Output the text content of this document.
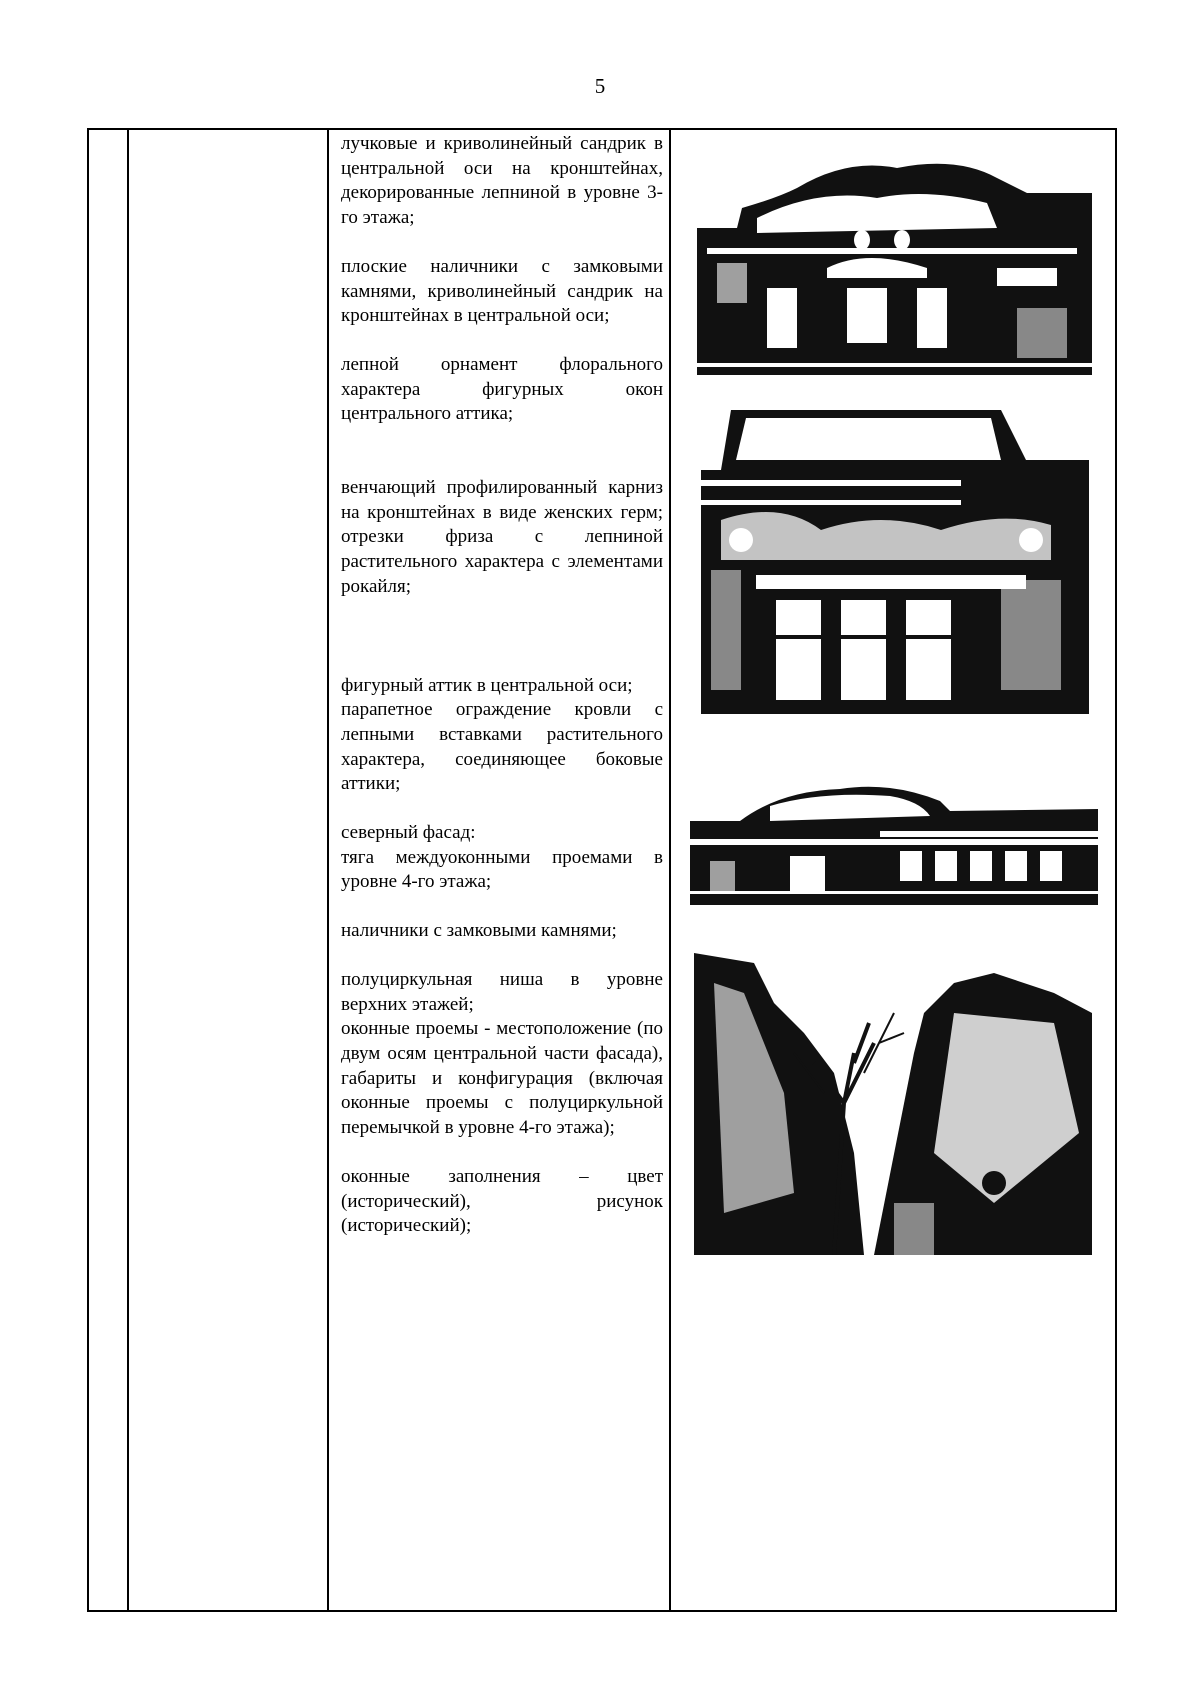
5

лучковые и криволинейный сандрик в центральной оси на кронштейнах, декорированные лепниной в уровне 3-го этажа;

плоские наличники с замковыми камнями, криволинейный сандрик на кронштейнах в центральной оси;

лепной орнамент флорального характера фигурных окон центрального аттика;

венчающий профилированный карниз на кронштейнах в виде женских герм; отрезки фриза с лепниной растительного характера с элементами рокайля;

фигурный аттик в центральной оси;

парапетное ограждение кровли с лепными вставками растительного характера, соединяющее боковые аттики;

северный фасад:

тяга междуоконными проемами в уровне 4-го этажа;

наличники с замковыми камнями;

полуциркульная ниша в уровне верхних этажей;

оконные проемы - местоположение (по двум осям центральной части фасада), габариты и конфигурация (включая оконные проемы с полуциркульной перемычкой в уровне 4-го этажа);

оконные заполнения – цвет (исторический), рисунок (исторический);
